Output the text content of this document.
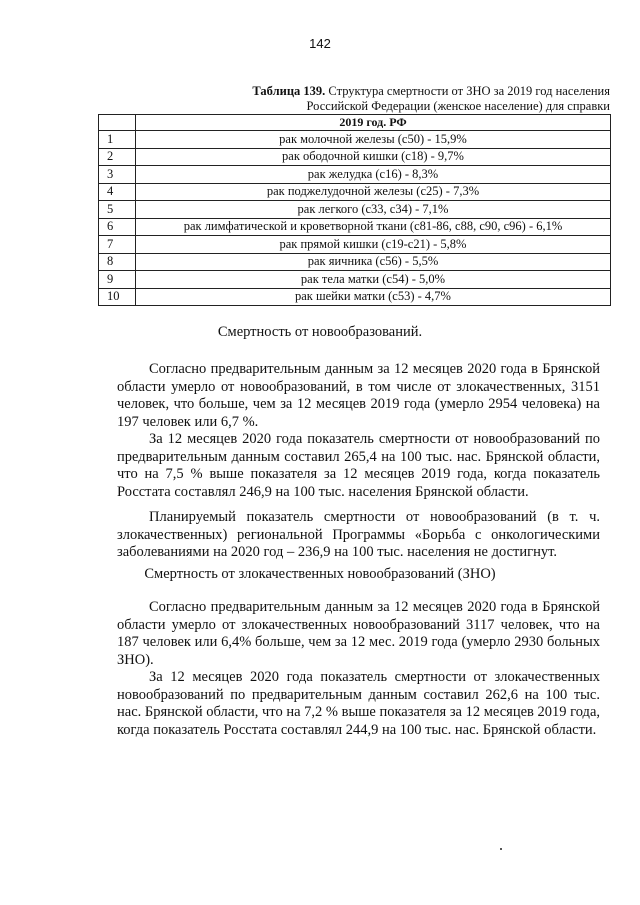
142
Таблица 139. Структура смертности от ЗНО за 2019 год населения
Российской Федерации (женское население) для справки
	2019 год. РФ
1	рак молочной железы (с50) - 15,9%
2	рак ободочной кишки (с18) - 9,7%
3	рак желудка (с16) - 8,3%
4	рак поджелудочной железы (с25) - 7,3%
5	рак легкого (с33, с34) - 7,1%
6	рак лимфатической и кроветворной ткани (с81-86, с88, с90, с96) - 6,1%
7	рак прямой кишки (с19-с21) - 5,8%
8	рак яичника (с56) - 5,5%
9	рак тела матки (с54) - 5,0%
10	рак шейки матки (с53) - 4,7%
Смертность от новообразований.

Согласно предварительным данным за 12 месяцев 2020 года в Брянской области умерло от новообразований, в том числе от злокачественных, 3151 человек, что больше, чем за 12 месяцев 2019 года (умерло 2954 человека) на 197 человек или 6,7 %.

За 12 месяцев 2020 года показатель смертности от новообразований по предварительным данным составил 265,4 на 100 тыс. нас. Брянской области, что на 7,5 % выше показателя за 12 месяцев 2019 года, когда показатель Росстата составлял 246,9 на 100 тыс. населения Брянской области.

Планируемый показатель смертности от новообразований (в т. ч. злокачественных) региональной Программы «Борьба с онкологическими заболеваниями на 2020 год – 236,9 на 100 тыс. населения не достигнут.

Смертность от злокачественных новообразований (ЗНО)

Согласно предварительным данным за 12 месяцев 2020 года в Брянской области умерло от злокачественных новообразований 3117 человек, что на 187 человек или 6,4% больше, чем за 12 мес. 2019 года (умерло 2930 больных ЗНО).

За 12 месяцев 2020 года показатель смертности от злокачественных новообразований по предварительным данным составил 262,6 на 100 тыс. нас. Брянской области, что на 7,2 % выше показателя за 12 месяцев 2019 года, когда показатель Росстата составлял 244,9 на 100 тыс. нас. Брянской области.
